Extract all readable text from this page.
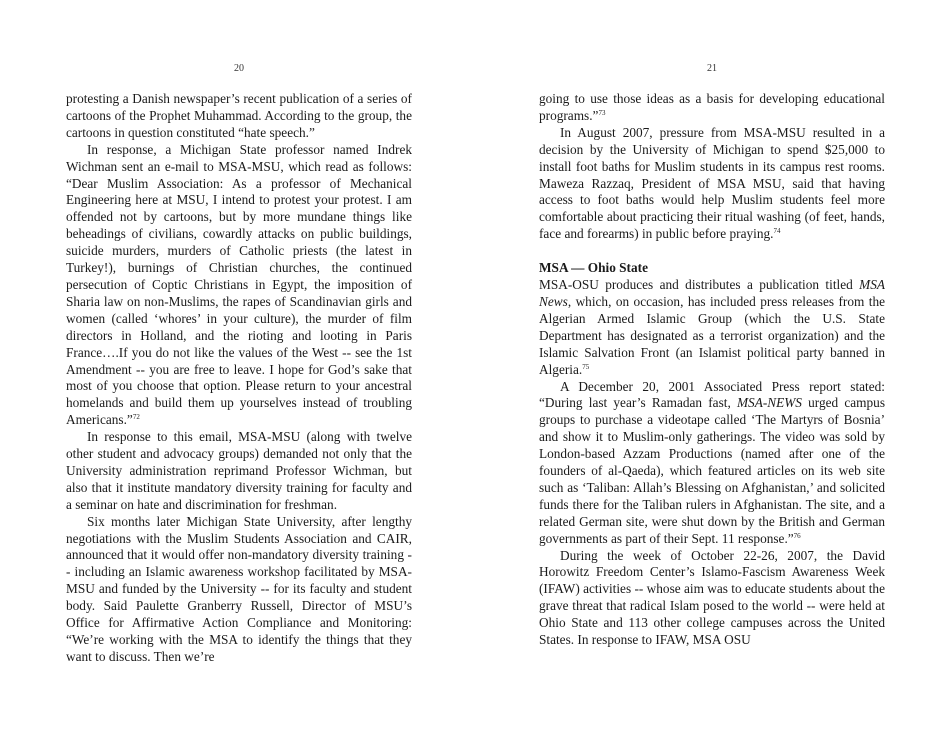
20

protesting a Danish newspaper’s recent publication of a series of cartoons of the Prophet Muhammad. According to the group, the cartoons in question constituted “hate speech.”

In response, a Michigan State professor named Indrek Wichman sent an e-mail to MSA-MSU, which read as follows: “Dear Muslim Association: As a professor of Mechanical Engineering here at MSU, I intend to protest your protest. I am offended not by cartoons, but by more mundane things like beheadings of civilians, cowardly attacks on public buildings, suicide murders, murders of Catholic priests (the latest in Turkey!), burnings of Christian churches, the continued persecution of Coptic Christians in Egypt, the imposition of Sharia law on non-Muslims, the rapes of Scandinavian girls and women (called ‘whores’ in your culture), the murder of film directors in Holland, and the rioting and looting in Paris France….If you do not like the values of the West -- see the 1st Amendment -- you are free to leave. I hope for God’s sake that most of you choose that option. Please return to your ancestral homelands and build them up yourselves instead of troubling Americans.”$^{72}$

In response to this email, MSA-MSU (along with twelve other student and advocacy groups) demanded not only that the University administration reprimand Professor Wichman, but also that it institute mandatory diversity training for faculty and a seminar on hate and discrimination for freshman.

Six months later Michigan State University, after lengthy negotiations with the Muslim Students Association and CAIR, announced that it would offer non-mandatory diversity training -- including an Islamic awareness workshop facilitated by MSA-MSU and funded by the University -- for its faculty and student body. Said Paulette Granberry Russell, Director of MSU’s Office for Affirmative Action Compliance and Monitoring: “We’re working with the MSA to identify the things that they want to discuss. Then we’re

21

going to use those ideas as a basis for developing educational programs.”$^{73}$

In August 2007, pressure from MSA-MSU resulted in a decision by the University of Michigan to spend $25,000 to install foot baths for Muslim students in its campus rest rooms. Maweza Razzaq, President of MSA MSU, said that having access to foot baths would help Muslim students feel more comfortable about practicing their ritual washing (of feet, hands, face and forearms) in public before praying.$^{74}$

MSA — Ohio State

MSA-OSU produces and distributes a publication titled MSA News, which, on occasion, has included press releases from the Algerian Armed Islamic Group (which the U.S. State Department has designated as a terrorist organization) and the Islamic Salvation Front (an Islamist political party banned in Algeria.$^{75}$

A December 20, 2001 Associated Press report stated: “During last year’s Ramadan fast, MSA-NEWS urged campus groups to purchase a videotape called ‘The Martyrs of Bosnia’ and show it to Muslim-only gatherings. The video was sold by London-based Azzam Productions (named after one of the founders of al-Qaeda), which featured articles on its web site such as ‘Taliban: Allah’s Blessing on Afghanistan,’ and solicited funds there for the Taliban rulers in Afghanistan. The site, and a related German site, were shut down by the British and German governments as part of their Sept. 11 response.”$^{76}$

During the week of October 22-26, 2007, the David Horowitz Freedom Center’s Islamo-Fascism Awareness Week (IFAW) activities -- whose aim was to educate students about the grave threat that radical Islam posed to the world -- were held at Ohio State and 113 other college campuses across the United States. In response to IFAW, MSA OSU
